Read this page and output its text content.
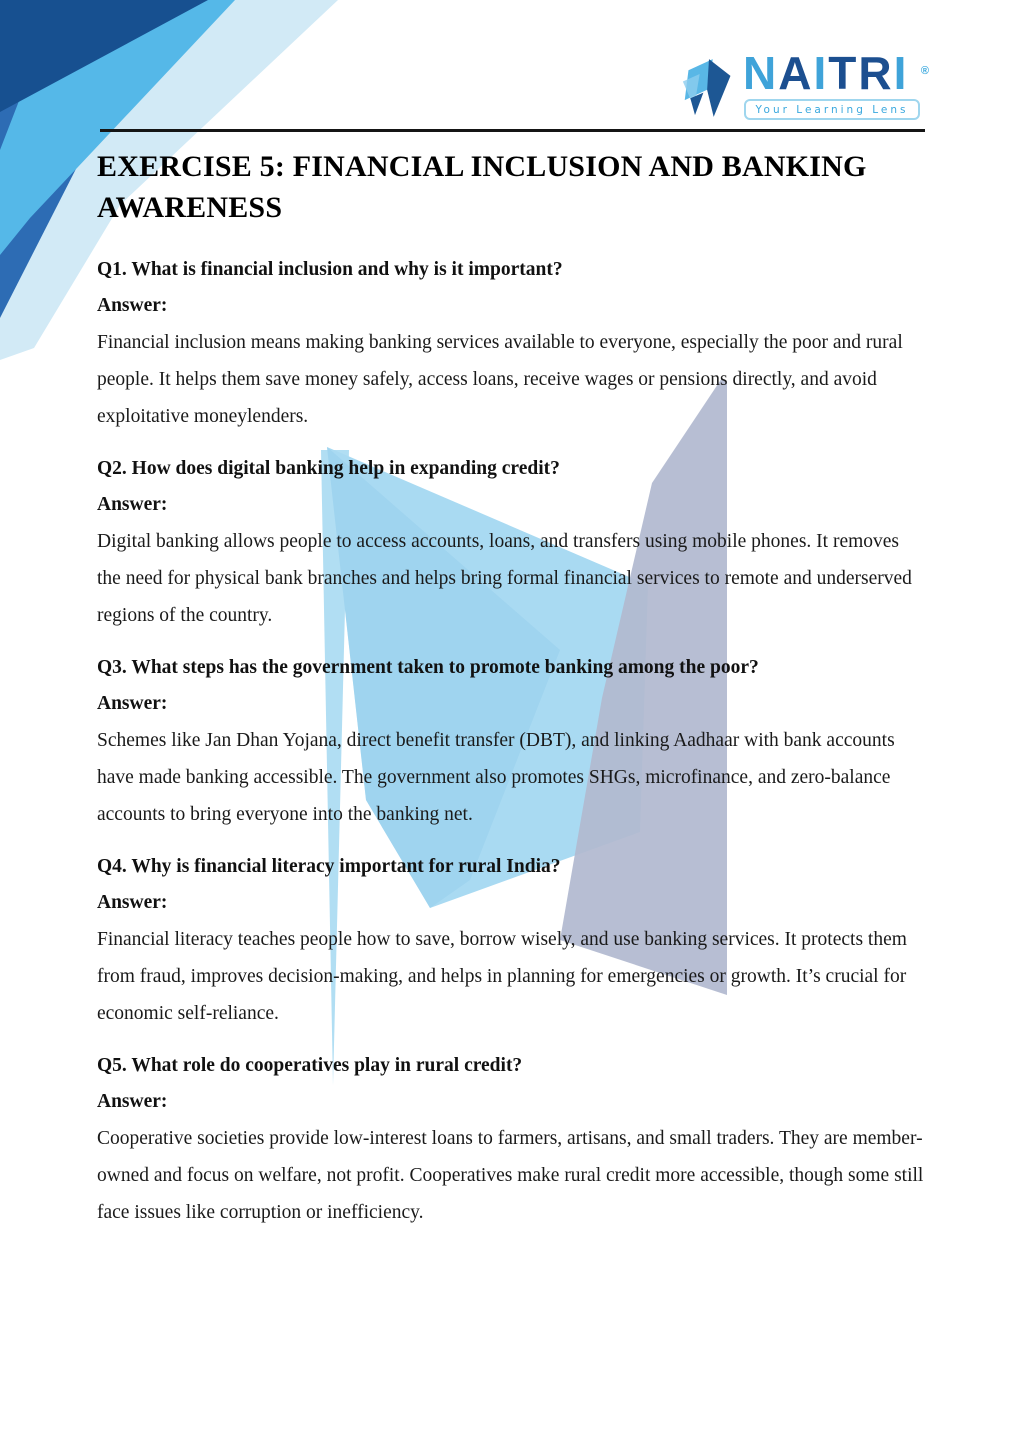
NAITRI ®
Your Learning Lens
EXERCISE 5: FINANCIAL INCLUSION AND BANKING AWARENESS
Q1. What is financial inclusion and why is it important?
Answer:

Financial inclusion means making banking services available to everyone, especially the poor and rural people. It helps them save money safely, access loans, receive wages or pensions directly, and avoid exploitative moneylenders.

Q2. How does digital banking help in expanding credit?
Answer:

Digital banking allows people to access accounts, loans, and transfers using mobile phones. It removes the need for physical bank branches and helps bring formal financial services to remote and underserved regions of the country.

Q3. What steps has the government taken to promote banking among the poor?
Answer:

Schemes like Jan Dhan Yojana, direct benefit transfer (DBT), and linking Aadhaar with bank accounts have made banking accessible. The government also promotes SHGs, microfinance, and zero-balance accounts to bring everyone into the banking net.

Q4. Why is financial literacy important for rural India?
Answer:

Financial literacy teaches people how to save, borrow wisely, and use banking services. It protects them from fraud, improves decision-making, and helps in planning for emergencies or growth. It’s crucial for economic self-reliance.

Q5. What role do cooperatives play in rural credit?
Answer:

Cooperative societies provide low-interest loans to farmers, artisans, and small traders. They are member-owned and focus on welfare, not profit. Cooperatives make rural credit more accessible, though some still face issues like corruption or inefficiency.
